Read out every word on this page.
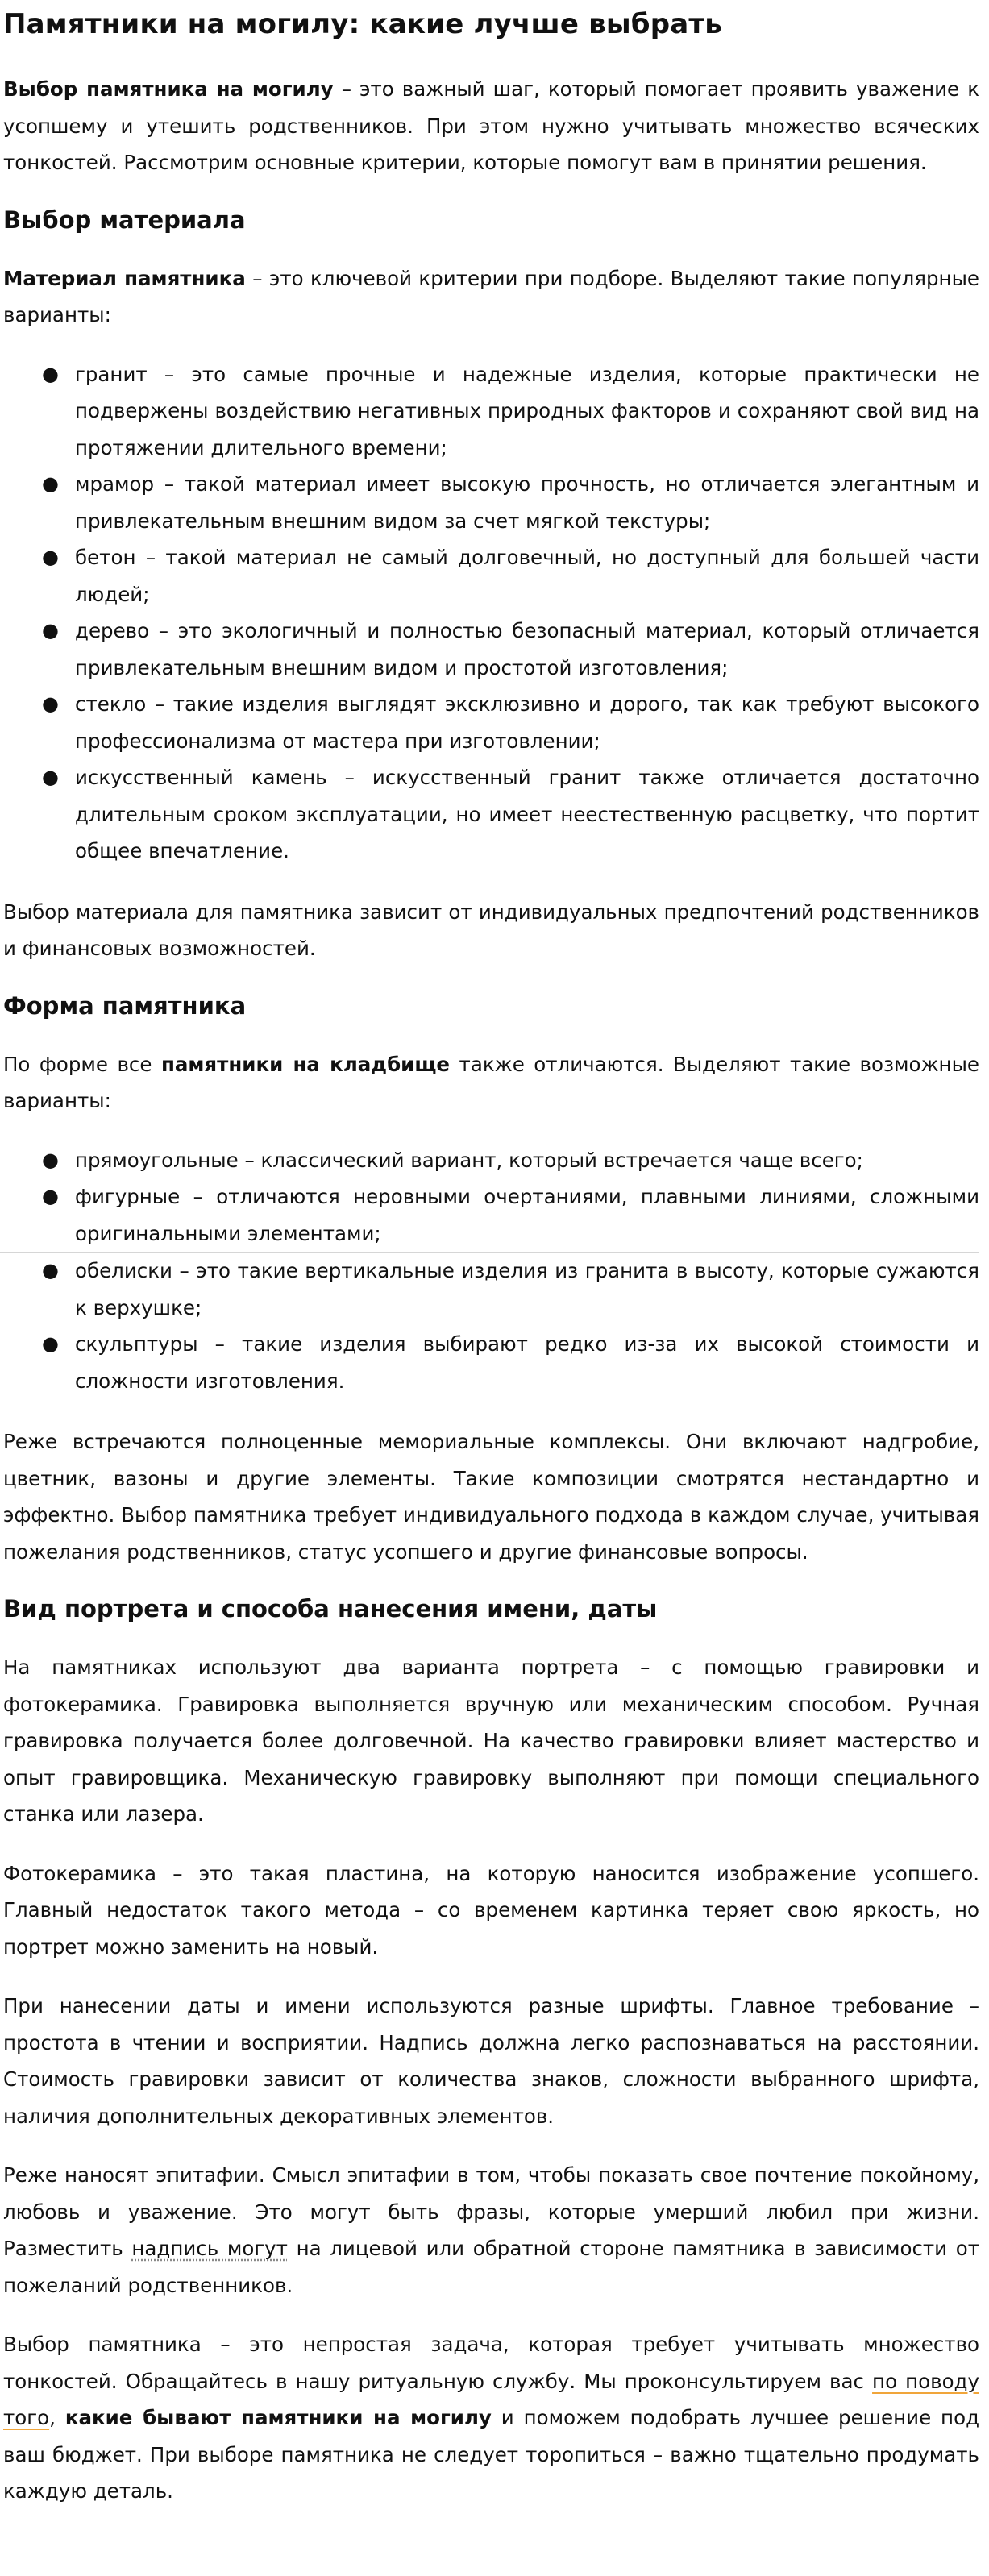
Памятники на могилу: какие лучше выбрать

Выбор памятника на могилу – это важный шаг, который помогает проявить уважение к усопшему и утешить родственников. При этом нужно учитывать множество всяческих тонкостей. Рассмотрим основные критерии, которые помогут вам в принятии решения.

Выбор материала

Материал памятника – это ключевой критерии при подборе. Выделяют такие популярные варианты:

● гранит – это самые прочные и надежные изделия, которые практически не подвержены воздействию негативных природных факторов и сохраняют свой вид на протяжении длительного времени;
● мрамор – такой материал имеет высокую прочность, но отличается элегантным и привлекательным внешним видом за счет мягкой текстуры;
● бетон – такой материал не самый долговечный, но доступный для большей части людей;
● дерево – это экологичный и полностью безопасный материал, который отличается привлекательным внешним видом и простотой изготовления;
● стекло – такие изделия выглядят эксклюзивно и дорого, так как требуют высокого профессионализма от мастера при изготовлении;
● искусственный камень – искусственный гранит также отличается достаточно длительным сроком эксплуатации, но имеет неестественную расцветку, что портит общее впечатление.

Выбор материала для памятника зависит от индивидуальных предпочтений родственников и финансовых возможностей.

Форма памятника

По форме все памятники на кладбище также отличаются. Выделяют такие возможные варианты:

● прямоугольные – классический вариант, который встречается чаще всего;
● фигурные – отличаются неровными очертаниями, плавными линиями, сложными оригинальными элементами;
● обелиски – это такие вертикальные изделия из гранита в высоту, которые сужаются к верхушке;
● скульптуры – такие изделия выбирают редко из-за их высокой стоимости и сложности изготовления.

Реже встречаются полноценные мемориальные комплексы. Они включают надгробие, цветник, вазоны и другие элементы. Такие композиции смотрятся нестандартно и эффектно. Выбор памятника требует индивидуального подхода в каждом случае, учитывая пожелания родственников, статус усопшего и другие финансовые вопросы.

Вид портрета и способа нанесения имени, даты

На памятниках используют два варианта портрета – с помощью гравировки и фотокерамика. Гравировка выполняется вручную или механическим способом. Ручная гравировка получается более долговечной. На качество гравировки влияет мастерство и опыт гравировщика. Механическую гравировку выполняют при помощи специального станка или лазера.

Фотокерамика – это такая пластина, на которую наносится изображение усопшего. Главный недостаток такого метода – со временем картинка теряет свою яркость, но портрет можно заменить на новый.

При нанесении даты и имени используются разные шрифты. Главное требование – простота в чтении и восприятии. Надпись должна легко распознаваться на расстоянии. Стоимость гравировки зависит от количества знаков, сложности выбранного шрифта, наличия дополнительных декоративных элементов.

Реже наносят эпитафии. Смысл эпитафии в том, чтобы показать свое почтение покойному, любовь и уважение. Это могут быть фразы, которые умерший любил при жизни. Разместить надпись могут на лицевой или обратной стороне памятника в зависимости от пожеланий родственников.

Выбор памятника – это непростая задача, которая требует учитывать множество тонкостей. Обращайтесь в нашу ритуальную службу. Мы проконсультируем вас по поводу того, какие бывают памятники на могилу и поможем подобрать лучшее решение под ваш бюджет. При выборе памятника не следует торопиться – важно тщательно продумать каждую деталь.
